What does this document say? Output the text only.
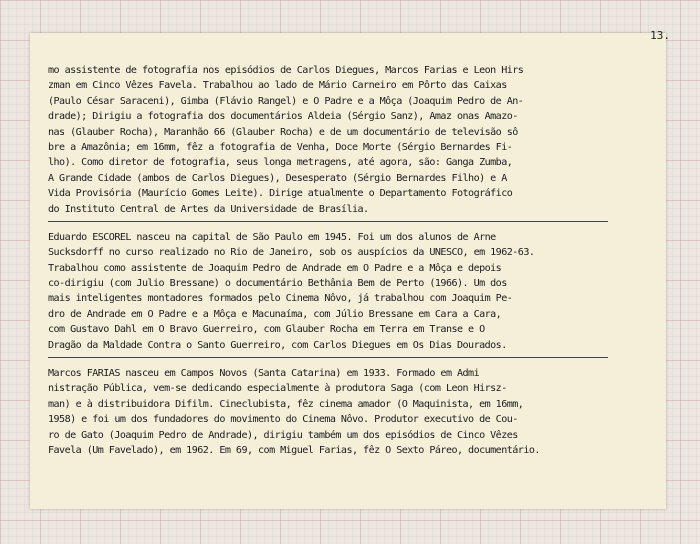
13.
mo assistente de fotografia nos episódios de Carlos Diegues, Marcos Farias e Leon Hirs
zman em Cinco Vêzes Favela. Trabalhou ao lado de Mário Carneiro em Pôrto das Caixas
(Paulo César Saraceni), Gimba (Flávio Rangel) e O Padre e a Môça (Joaquim Pedro de An-
drade); Dirigiu a fotografia dos documentários Aldeia (Sérgio Sanz), Amaz onas Amazo-
nas (Glauber Rocha), Maranhão 66 (Glauber Rocha) e de um documentário de televisão sô
bre a Amazônia; em 16mm, fêz a fotografia de Venha, Doce Morte (Sérgio Bernardes Fi-
lho). Como diretor de fotografia, seus longa metragens, até agora, são: Ganga Zumba,
A Grande Cidade (ambos de Carlos Diegues), Desesperato (Sérgio Bernardes Filho) e A
Vida Provisória (Maurício Gomes Leite). Dirige atualmente o Departamento Fotográfico
do Instituto Central de Artes da Universidade de Brasília.
Eduardo ESCOREL nasceu na capital de São Paulo em 1945. Foi um dos alunos de Arne
Sucksdorff no curso realizado no Rio de Janeiro, sob os auspícios da UNESCO, em 1962-63.
Trabalhou como assistente de Joaquim Pedro de Andrade em O Padre e a Môça e depois
co-dirigiu (com Julio Bressane) o documentário Bethânia Bem de Perto (1966). Um dos
mais inteligentes montadores formados pelo Cinema Nôvo, já trabalhou com Joaquim Pe-
dro de Andrade em O Padre e a Môça e Macunaíma, com Júlio Bressane em Cara a Cara,
com Gustavo Dahl em O Bravo Guerreiro, com Glauber Rocha em Terra em Transe e O
Dragão da Maldade Contra o Santo Guerreiro, com Carlos Diegues em Os Dias Dourados.
Marcos FARIAS nasceu em Campos Novos (Santa Catarina) em 1933. Formado em Admi
nistração Pública, vem-se dedicando especialmente à produtora Saga (com Leon Hirsz-
man) e à distribuidora Difilm. Cineclubista, fêz cinema amador (O Maquinista, em 16mm,
1958) e foi um dos fundadores do movimento do Cinema Nôvo. Produtor executivo de Cou-
ro de Gato (Joaquim Pedro de Andrade), dirigiu também um dos episódios de Cinco Vêzes
Favela (Um Favelado), em 1962. Em 69, com Miguel Farias, fêz O Sexto Páreo, documentário.
